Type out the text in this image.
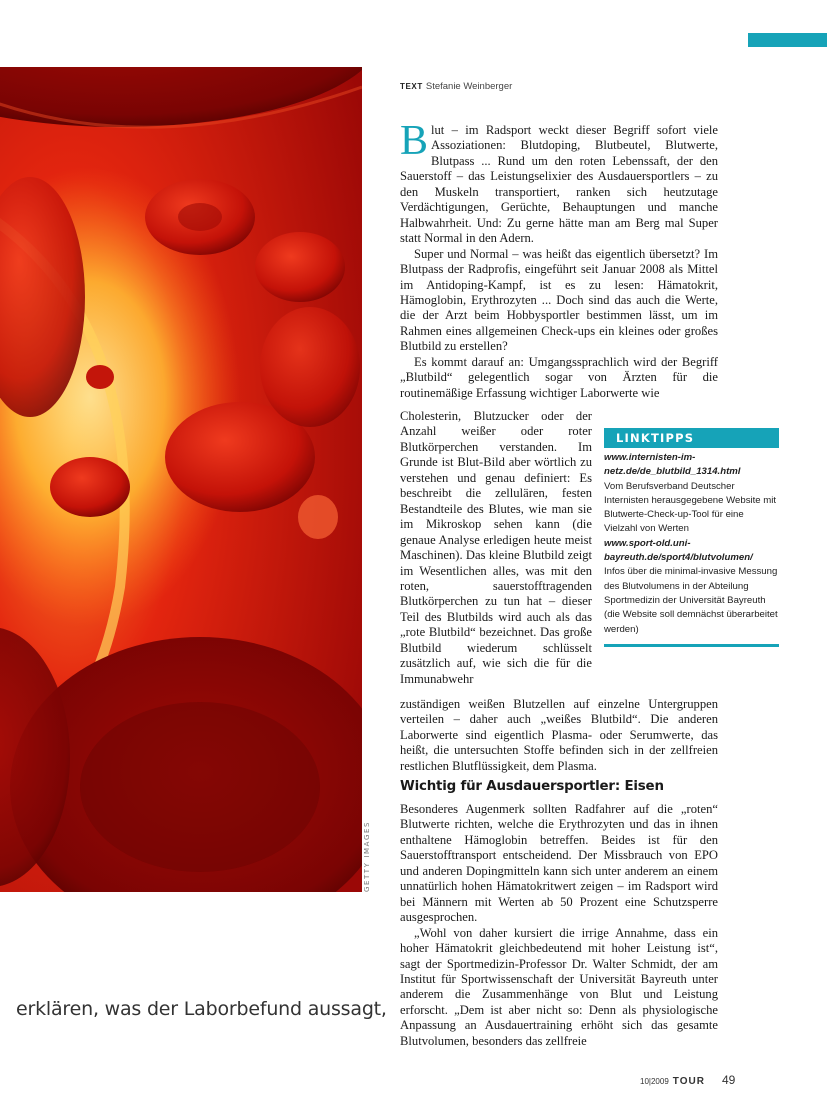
GETTY IMAGES
erklären, was der Laborbefund aussagt,
TEXT Stefanie Weinberger

Blut – im Radsport weckt dieser Begriff sofort viele Assoziationen: Blutdoping, Blutbeutel, Blutwerte, Blutpass ... Rund um den roten Lebenssaft, der den Sauerstoff – das Leistungselixier des Ausdauersportlers – zu den Muskeln transportiert, ranken sich heutzutage Verdächtigungen, Gerüchte, Behauptungen und manche Halbwahrheit. Und: Zu gerne hätte man am Berg mal Super statt Normal in den Adern.

Super und Normal – was heißt das eigentlich übersetzt? Im Blutpass der Radprofis, eingeführt seit Januar 2008 als Mittel im Antidoping-Kampf, ist es zu lesen: Hämatokrit, Hämoglobin, Erythrozyten ... Doch sind das auch die Werte, die der Arzt beim Hobbysportler bestimmen lässt, um im Rahmen eines allgemeinen Check-ups ein kleines oder großes Blutbild zu erstellen?

Es kommt darauf an: Umgangssprachlich wird der Begriff „Blutbild“ gelegentlich sogar von Ärzten für die routinemäßige Erfassung wichtiger Laborwerte wie

Cholesterin, Blutzucker oder der Anzahl weißer oder roter Blutkörperchen verstanden. Im Grunde ist Blut-Bild aber wörtlich zu verstehen und genau definiert: Es beschreibt die zellulären, festen Bestandteile des Blutes, wie man sie im Mikroskop sehen kann (die genaue Analyse erledigen heute meist Maschinen). Das kleine Blutbild zeigt im Wesentlichen alles, was mit den roten, sauerstofftragenden Blutkörperchen zu tun hat – dieser Teil des Blutbilds wird auch als das „rote Blutbild“ bezeichnet. Das große Blutbild wiederum schlüsselt zusätzlich auf, wie sich die für die Immunabwehr

zuständigen weißen Blutzellen auf einzelne Untergruppen verteilen – daher auch „weißes Blutbild“. Die anderen Laborwerte sind eigentlich Plasma- oder Serumwerte, das heißt, die untersuchten Stoffe befinden sich in der zellfreien restlichen Blutflüssigkeit, dem Plasma.

Wichtig für Ausdauersportler: Eisen

Besonderes Augenmerk sollten Radfahrer auf die „roten“ Blutwerte richten, welche die Erythrozyten und das in ihnen enthaltene Hämoglobin betreffen. Beides ist für den Sauerstofftransport entscheidend. Der Missbrauch von EPO und anderen Dopingmitteln kann sich unter anderem an einem unnatürlich hohen Hämatokritwert zeigen – im Radsport wird bei Männern mit Werten ab 50 Prozent eine Schutzsperre ausgesprochen.

„Wohl von daher kursiert die irrige Annahme, dass ein hoher Hämatokrit gleichbedeutend mit hoher Leistung ist“, sagt der Sportmedizin-Professor Dr. Walter Schmidt, der am Institut für Sportwissenschaft der Universität Bayreuth unter anderem die Zusammenhänge von Blut und Leistung erforscht. „Dem ist aber nicht so: Denn als physiologische Anpassung an Ausdauertraining erhöht sich das gesamte Blutvolumen, besonders das zellfreie

LINKTIPPS
www.internisten-im-netz.de/de_blutbild_1314.html
Vom Berufsverband Deutscher Internisten herausgegebene Website mit Blutwerte-Check-up-Tool für eine Vielzahl von Werten
www.sport-old.uni-bayreuth.de/sport4/blutvolumen/
Infos über die minimal-invasive Messung des Blutvolumens in der Abteilung Sportmedizin der Universität Bayreuth (die Website soll demnächst überarbeitet werden)
10|2009 TOUR 49
